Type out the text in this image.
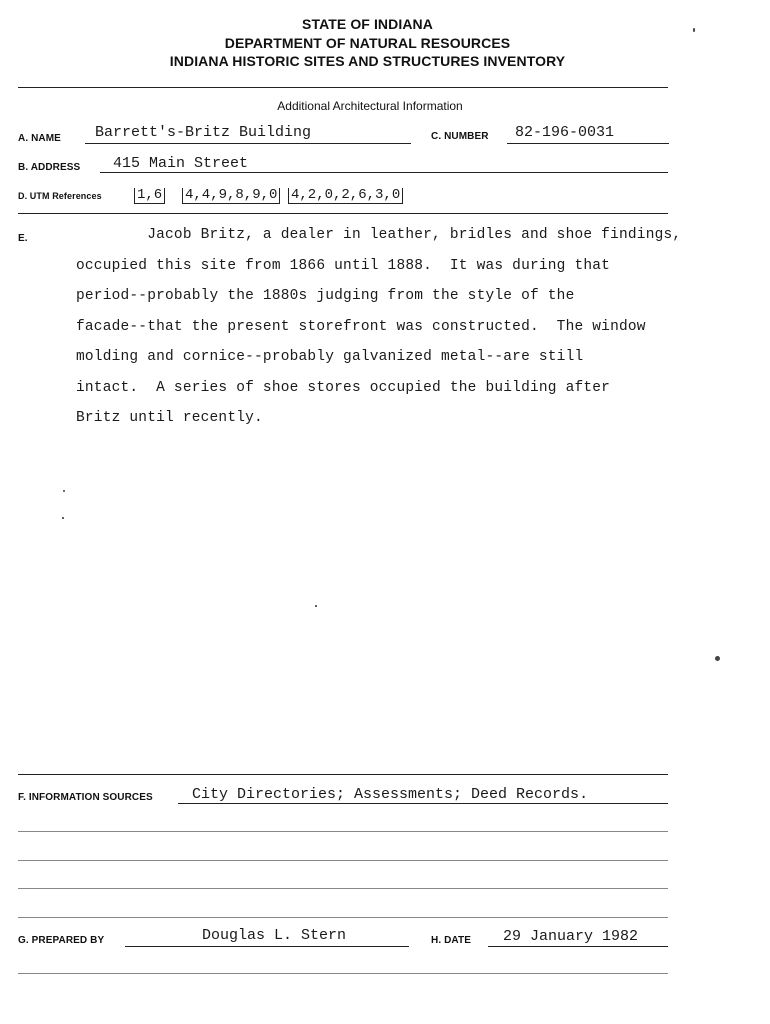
STATE OF INDIANA
DEPARTMENT OF NATURAL RESOURCES
INDIANA HISTORIC SITES AND STRUCTURES INVENTORY
Additional Architectural Information
A. NAME Barrett's-Britz Building	C. NUMBER 82-196-0031
B. ADDRESS 415 Main Street
D. UTM References	1,6 4,4,9,8,9,0 4,2,0,2,6,3,0
E.	Jacob Britz, a dealer in leather, bridles and shoe findings,
occupied this site from 1866 until 1888.  It was during that
period--probably the 1880s judging from the style of the
facade--that the present storefront was constructed.  The window
molding and cornice--probably galvanized metal--are still
intact.  A series of shoe stores occupied the building after
Britz until recently.
F. INFORMATION SOURCES	City Directories; Assessments; Deed Records.
G. PREPARED BY	Douglas L. Stern	H. DATE 29 January 1982
